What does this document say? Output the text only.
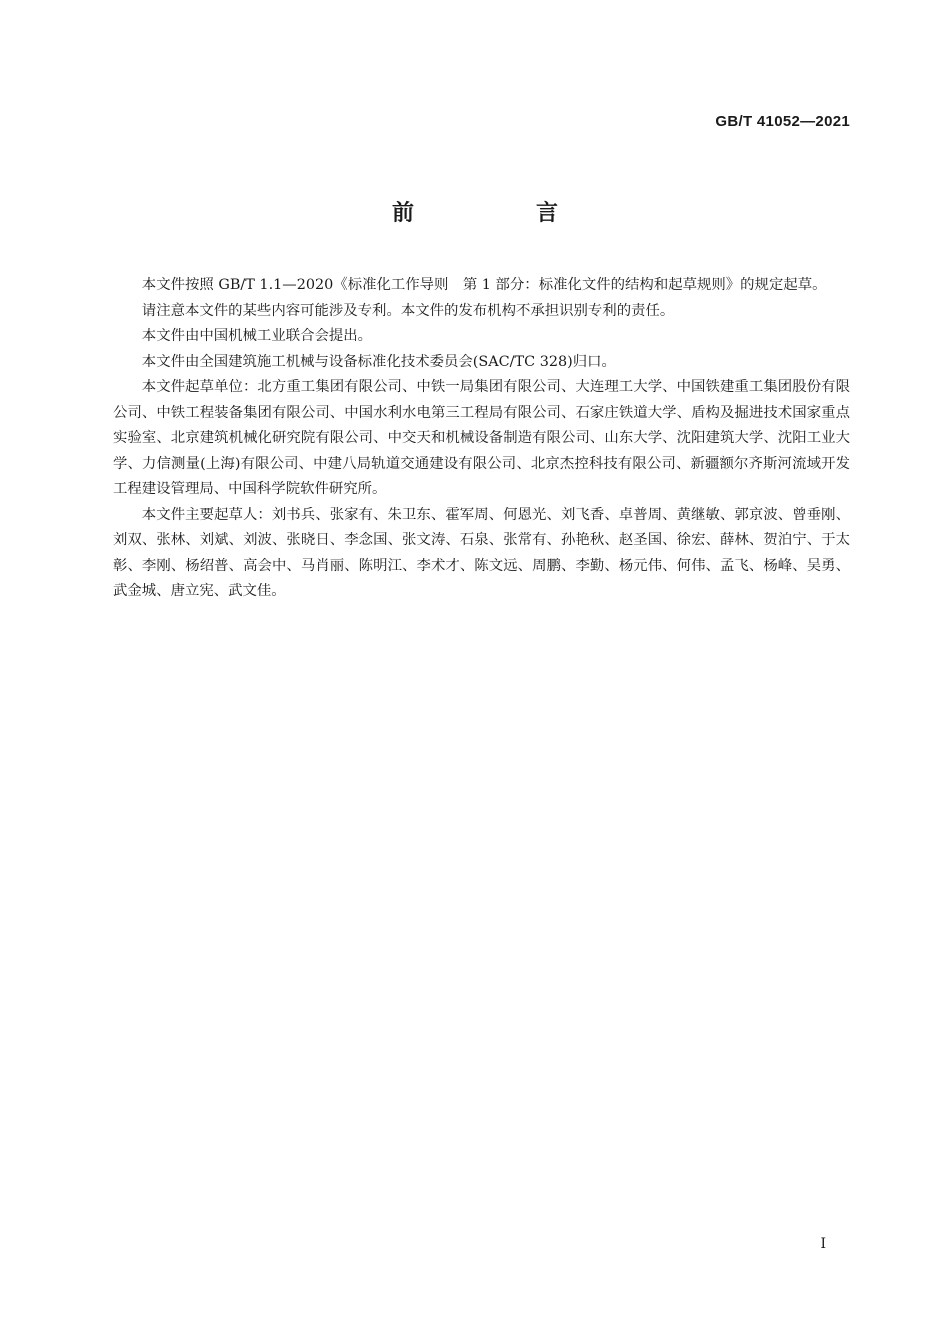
GB/T 41052—2021
前　言

本文件按照 GB/T 1.1—2020《标准化工作导则　第 1 部分：标准化文件的结构和起草规则》的规定起草。

请注意本文件的某些内容可能涉及专利。本文件的发布机构不承担识别专利的责任。

本文件由中国机械工业联合会提出。

本文件由全国建筑施工机械与设备标准化技术委员会(SAC/TC 328)归口。

本文件起草单位：北方重工集团有限公司、中铁一局集团有限公司、大连理工大学、中国铁建重工集团股份有限公司、中铁工程装备集团有限公司、中国水利水电第三工程局有限公司、石家庄铁道大学、盾构及掘进技术国家重点实验室、北京建筑机械化研究院有限公司、中交天和机械设备制造有限公司、山东大学、沈阳建筑大学、沈阳工业大学、力信测量(上海)有限公司、中建八局轨道交通建设有限公司、北京杰控科技有限公司、新疆额尔齐斯河流域开发工程建设管理局、中国科学院软件研究所。

本文件主要起草人：刘书兵、张家有、朱卫东、霍军周、何恩光、刘飞香、卓普周、黄继敏、郭京波、曾垂刚、刘双、张林、刘斌、刘波、张晓日、李念国、张文涛、石泉、张常有、孙艳秋、赵圣国、徐宏、薛林、贺泊宁、于太彰、李刚、杨绍普、高会中、马肖丽、陈明江、李术才、陈文远、周鹏、李勤、杨元伟、何伟、孟飞、杨峰、吴勇、武金城、唐立宪、武文佳。

I
